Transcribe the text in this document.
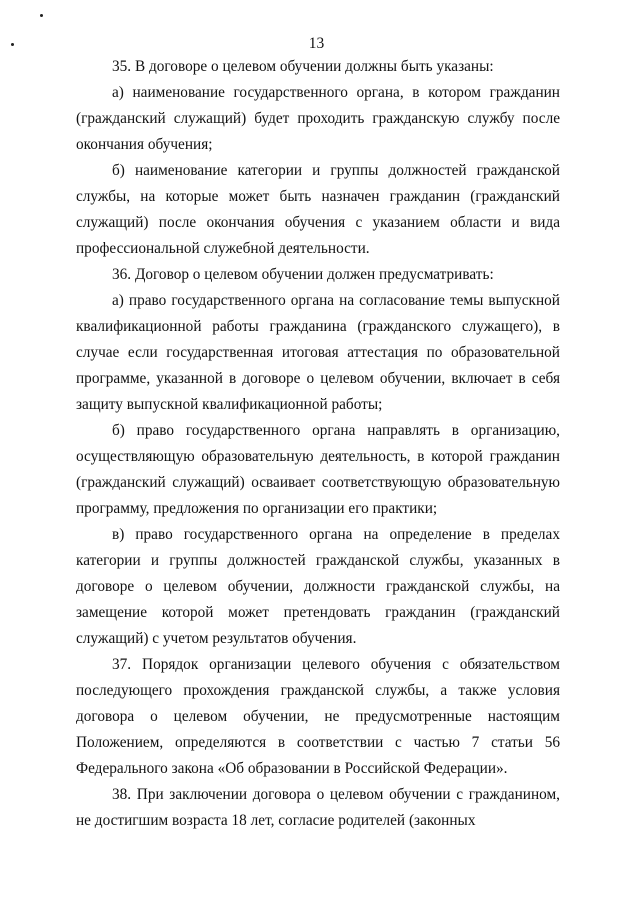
13

35. В договоре о целевом обучении должны быть указаны:

а) наименование государственного органа, в котором гражданин (гражданский служащий) будет проходить гражданскую службу после окончания обучения;

б) наименование категории и группы должностей гражданской службы, на которые может быть назначен гражданин (гражданский служащий) после окончания обучения с указанием области и вида профессиональной служебной деятельности.

36. Договор о целевом обучении должен предусматривать:

а) право государственного органа на согласование темы выпускной квалификационной работы гражданина (гражданского служащего), в случае если государственная итоговая аттестация по образовательной программе, указанной в договоре о целевом обучении, включает в себя защиту выпускной квалификационной работы;

б) право государственного органа направлять в организацию, осуществляющую образовательную деятельность, в которой гражданин (гражданский служащий) осваивает соответствующую образовательную программу, предложения по организации его практики;

в) право государственного органа на определение в пределах категории и группы должностей гражданской службы, указанных в договоре о целевом обучении, должности гражданской службы, на замещение которой может претендовать гражданин (гражданский служащий) с учетом результатов обучения.

37. Порядок организации целевого обучения с обязательством последующего прохождения гражданской службы, а также условия договора о целевом обучении, не предусмотренные настоящим Положением, определяются в соответствии с частью 7 статьи 56 Федерального закона «Об образовании в Российской Федерации».

38. При заключении договора о целевом обучении с гражданином, не достигшим возраста 18 лет, согласие родителей (законных
